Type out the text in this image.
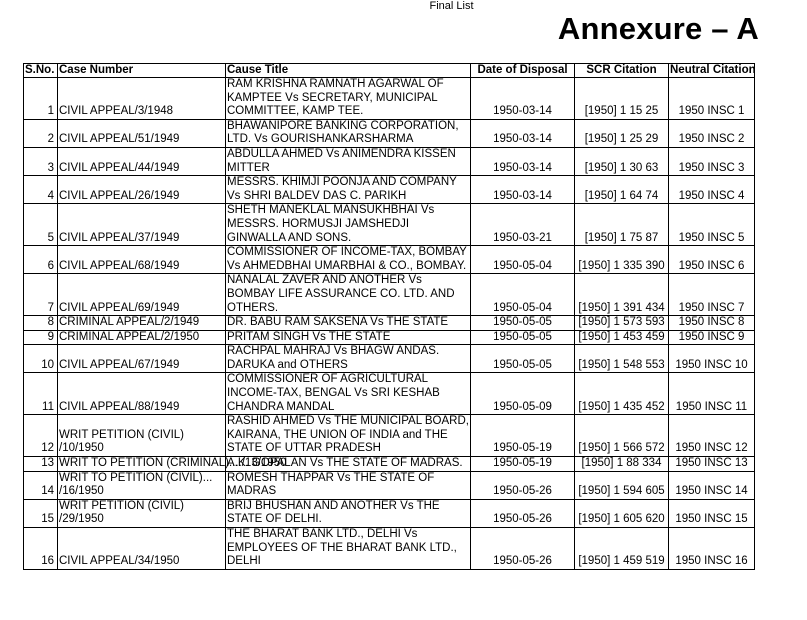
Final List
Annexure – A
S.No.	Case Number	Cause Title	Date of Disposal	SCR Citation	Neutral Citation
1	CIVIL APPEAL/3/1948	RAM KRISHNA RAMNATH AGARWAL OF KAMPTEE Vs SECRETARY, MUNICIPAL COMMITTEE, KAMP TEE.	1950-03-14	[1950] 1 15 25	1950 INSC 1
2	CIVIL APPEAL/51/1949	BHAWANIPORE BANKING CORPORATION, LTD. Vs GOURISHANKARSHARMA	1950-03-14	[1950] 1 25 29	1950 INSC 2
3	CIVIL APPEAL/44/1949	ABDULLA AHMED Vs ANIMENDRA KISSEN MITTER	1950-03-14	[1950] 1 30 63	1950 INSC 3
4	CIVIL APPEAL/26/1949	MESSRS. KHIMJI POONJA AND COMPANY Vs SHRI BALDEV DAS C. PARIKH	1950-03-14	[1950] 1 64 74	1950 INSC 4
5	CIVIL APPEAL/37/1949	SHETH MANEKLAL MANSUKHBHAI Vs MESSRS. HORMUSJI JAMSHEDJI GINWALLA AND SONS.	1950-03-21	[1950] 1 75 87	1950 INSC 5
6	CIVIL APPEAL/68/1949	COMMISSIONER OF INCOME-TAX, BOMBAY Vs AHMEDBHAI UMARBHAI & CO., BOMBAY.	1950-05-04	[1950] 1 335 390	1950 INSC 6
7	CIVIL APPEAL/69/1949	NANALAL ZAVER AND ANOTHER Vs BOMBAY LIFE ASSURANCE CO. LTD. AND OTHERS.	1950-05-04	[1950] 1 391 434	1950 INSC 7
8	CRIMINAL APPEAL/2/1949	DR. BABU RAM SAKSENA Vs THE STATE	1950-05-05	[1950] 1 573 593	1950 INSC 8
9	CRIMINAL APPEAL/2/1950	PRITAM SINGH Vs THE STATE	1950-05-05	[1950] 1 453 459	1950 INSC 9
10	CIVIL APPEAL/67/1949	RACHPAL MAHRAJ Vs BHAGW ANDAS. DARUKA and OTHERS	1950-05-05	[1950] 1 548 553	1950 INSC 10
11	CIVIL APPEAL/88/1949	COMMISSIONER OF AGRICULTURAL INCOME-TAX, BENGAL Vs SRI KESHAB CHANDRA MANDAL	1950-05-09	[1950] 1 435 452	1950 INSC 11
12	WRIT PETITION (CIVIL) /10/1950	RASHID AHMED Vs THE MUNICIPAL BOARD, KAIRANA, THE UNION OF INDIA and THE STATE OF UTTAR PRADESH	1950-05-19	[1950] 1 566 572	1950 INSC 12
13	WRIT TO PETITION (CRIMINAL)..../13/1950	A.K. GOPALAN Vs THE STATE OF MADRAS.	1950-05-19	[1950] 1 88 334	1950 INSC 13
14	WRIT TO PETITION (CIVIL)... /16/1950	ROMESH THAPPAR Vs THE STATE OF MADRAS	1950-05-26	[1950] 1 594 605	1950 INSC 14
15	WRIT PETITION (CIVIL) /29/1950	BRIJ BHUSHAN AND ANOTHER Vs THE STATE OF DELHI.	1950-05-26	[1950] 1 605 620	1950 INSC 15
16	CIVIL APPEAL/34/1950	THE BHARAT BANK LTD., DELHI Vs EMPLOYEES OF THE BHARAT BANK LTD., DELHI	1950-05-26	[1950] 1 459 519	1950 INSC 16
